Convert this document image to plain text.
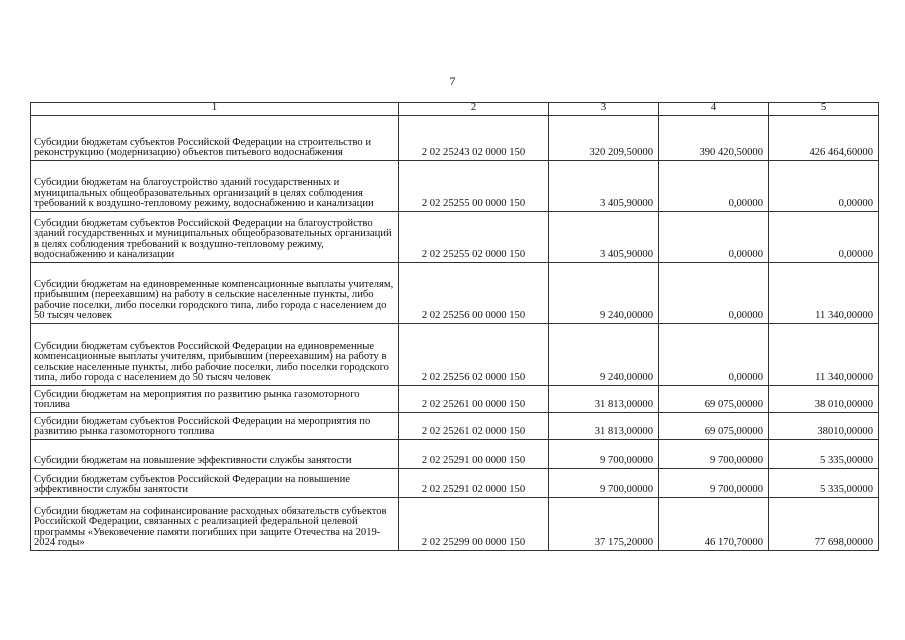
7
1	2	3	4	5
Субсидии бюджетам субъектов Российской Федерации на строительство и реконструкцию (модернизацию) объектов питьевого водоснабжения	2 02 25243 02 0000 150	320 209,50000	390 420,50000	426 464,60000
Субсидии бюджетам на благоустройство зданий государственных и муниципальных общеобразовательных организаций в целях соблюдения требований к воздушно-тепловому режиму, водоснабжению и канализации	2 02 25255 00 0000 150	3 405,90000	0,00000	0,00000
Субсидии бюджетам субъектов Российской Федерации на благоустройство зданий государственных и муниципальных общеобразовательных организаций в целях соблюдения требований к воздушно-тепловому режиму, водоснабжению и канализации	2 02 25255 02 0000 150	3 405,90000	0,00000	0,00000
Субсидии бюджетам на единовременные компенсационные выплаты учителям, прибывшим (переехавшим) на работу в сельские населенные пункты, либо рабочие поселки, либо поселки городского типа, либо города с населением до 50 тысяч человек	2 02 25256 00 0000 150	9 240,00000	0,00000	11 340,00000
Субсидии бюджетам субъектов Российской Федерации на единовременные компенсационные выплаты учителям, прибывшим (переехавшим) на работу в сельские населенные пункты, либо рабочие поселки, либо поселки городского типа, либо города с населением до 50 тысяч человек	2 02 25256 02 0000 150	9 240,00000	0,00000	11 340,00000
Субсидии бюджетам на мероприятия по развитию рынка газомоторного топлива	2 02 25261 00 0000 150	31 813,00000	69 075,00000	38 010,00000
Субсидии бюджетам субъектов Российской Федерации на мероприятия по развитию рынка газомоторного топлива	2 02 25261 02 0000 150	31 813,00000	69 075,00000	38010,00000
Субсидии бюджетам на повышение эффективности службы занятости	2 02 25291 00 0000 150	9 700,00000	9 700,00000	5 335,00000
Субсидии бюджетам субъектов Российской Федерации на повышение эффективности службы занятости	2 02 25291 02 0000 150	9 700,00000	9 700,00000	5 335,00000
Субсидии бюджетам на софинансирование расходных обязательств субъектов Российской Федерации, связанных с реализацией федеральной целевой программы «Увековечение памяти погибших при защите Отечества на 2019-2024 годы»	2 02 25299 00 0000 150	37 175,20000	46 170,70000	77 698,00000
